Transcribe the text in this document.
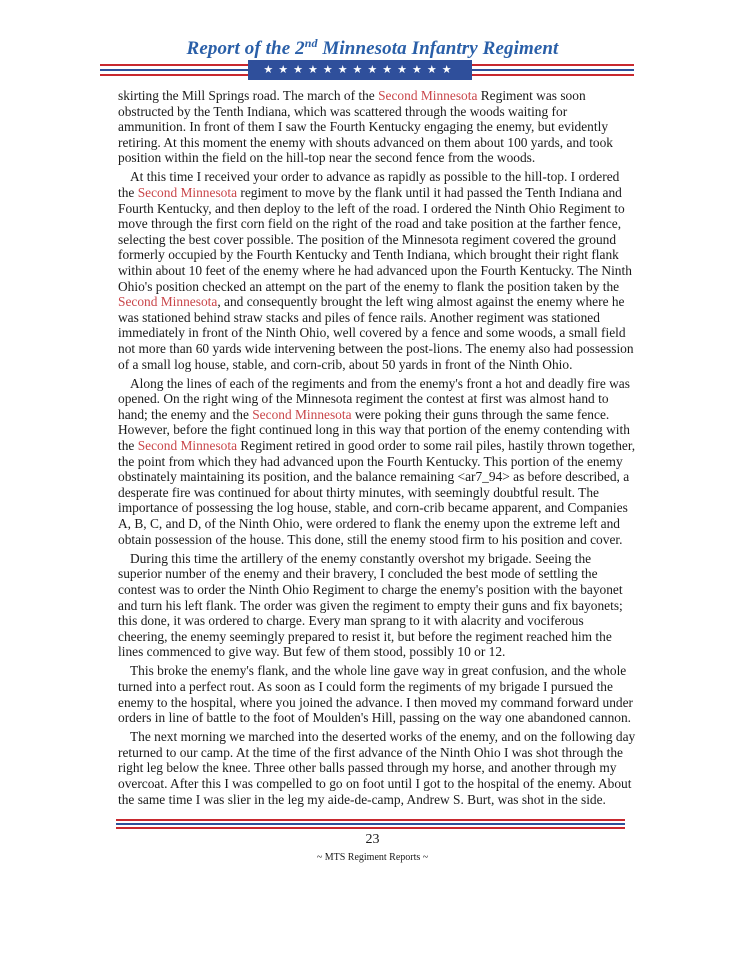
Report of the 2nd Minnesota Infantry Regiment
★★★★★★★★★★★★★

skirting the Mill Springs road. The march of the Second Minnesota Regiment was soon obstructed by the Tenth Indiana, which was scattered through the woods waiting for ammunition. In front of them I saw the Fourth Kentucky engaging the enemy, but evidently retiring. At this moment the enemy with shouts advanced on them about 100 yards, and took position within the field on the hill-top near the second fence from the woods.

At this time I received your order to advance as rapidly as possible to the hill-top. I ordered the Second Minnesota regiment to move by the flank until it had passed the Tenth Indiana and Fourth Kentucky, and then deploy to the left of the road. I ordered the Ninth Ohio Regiment to move through the first corn field on the right of the road and take position at the farther fence, selecting the best cover possible. The position of the Minnesota regiment covered the ground formerly occupied by the Fourth Kentucky and Tenth Indiana, which brought their right flank within about 10 feet of the enemy where he had advanced upon the Fourth Kentucky. The Ninth Ohio's position checked an attempt on the part of the enemy to flank the position taken by the Second Minnesota, and consequently brought the left wing almost against the enemy where he was stationed behind straw stacks and piles of fence rails. Another regiment was stationed immediately in front of the Ninth Ohio, well covered by a fence and some woods, a small field not more than 60 yards wide intervening between the post-lions. The enemy also had possession of a small log house, stable, and corn-crib, about 50 yards in front of the Ninth Ohio.

Along the lines of each of the regiments and from the enemy's front a hot and deadly fire was opened. On the right wing of the Minnesota regiment the contest at first was almost hand to hand; the enemy and the Second Minnesota were poking their guns through the same fence. However, before the fight continued long in this way that portion of the enemy contending with the Second Minnesota Regiment retired in good order to some rail piles, hastily thrown together, the point from which they had advanced upon the Fourth Kentucky. This portion of the enemy obstinately maintaining its position, and the balance remaining <ar7_94> as before described, a desperate fire was continued for about thirty minutes, with seemingly doubtful result. The importance of possessing the log house, stable, and corn-crib became apparent, and Companies A, B, C, and D, of the Ninth Ohio, were ordered to flank the enemy upon the extreme left and obtain possession of the house. This done, still the enemy stood firm to his position and cover.

During this time the artillery of the enemy constantly overshot my brigade. Seeing the superior number of the enemy and their bravery, I concluded the best mode of settling the contest was to order the Ninth Ohio Regiment to charge the enemy's position with the bayonet and turn his left flank. The order was given the regiment to empty their guns and fix bayonets; this done, it was ordered to charge. Every man sprang to it with alacrity and vociferous cheering, the enemy seemingly prepared to resist it, but before the regiment reached him the lines commenced to give way. But few of them stood, possibly 10 or 12.

This broke the enemy's flank, and the whole line gave way in great confusion, and the whole turned into a perfect rout. As soon as I could form the regiments of my brigade I pursued the enemy to the hospital, where you joined the advance. I then moved my command forward under orders in line of battle to the foot of Moulden's Hill, passing on the way one abandoned cannon.

The next morning we marched into the deserted works of the enemy, and on the following day returned to our camp. At the time of the first advance of the Ninth Ohio I was shot through the right leg below the knee. Three other balls passed through my horse, and another through my overcoat. After this I was compelled to go on foot until I got to the hospital of the enemy. About the same time I was slier in the leg my aide-de-camp, Andrew S. Burt, was shot in the side.

23
~ MTS Regiment Reports ~
